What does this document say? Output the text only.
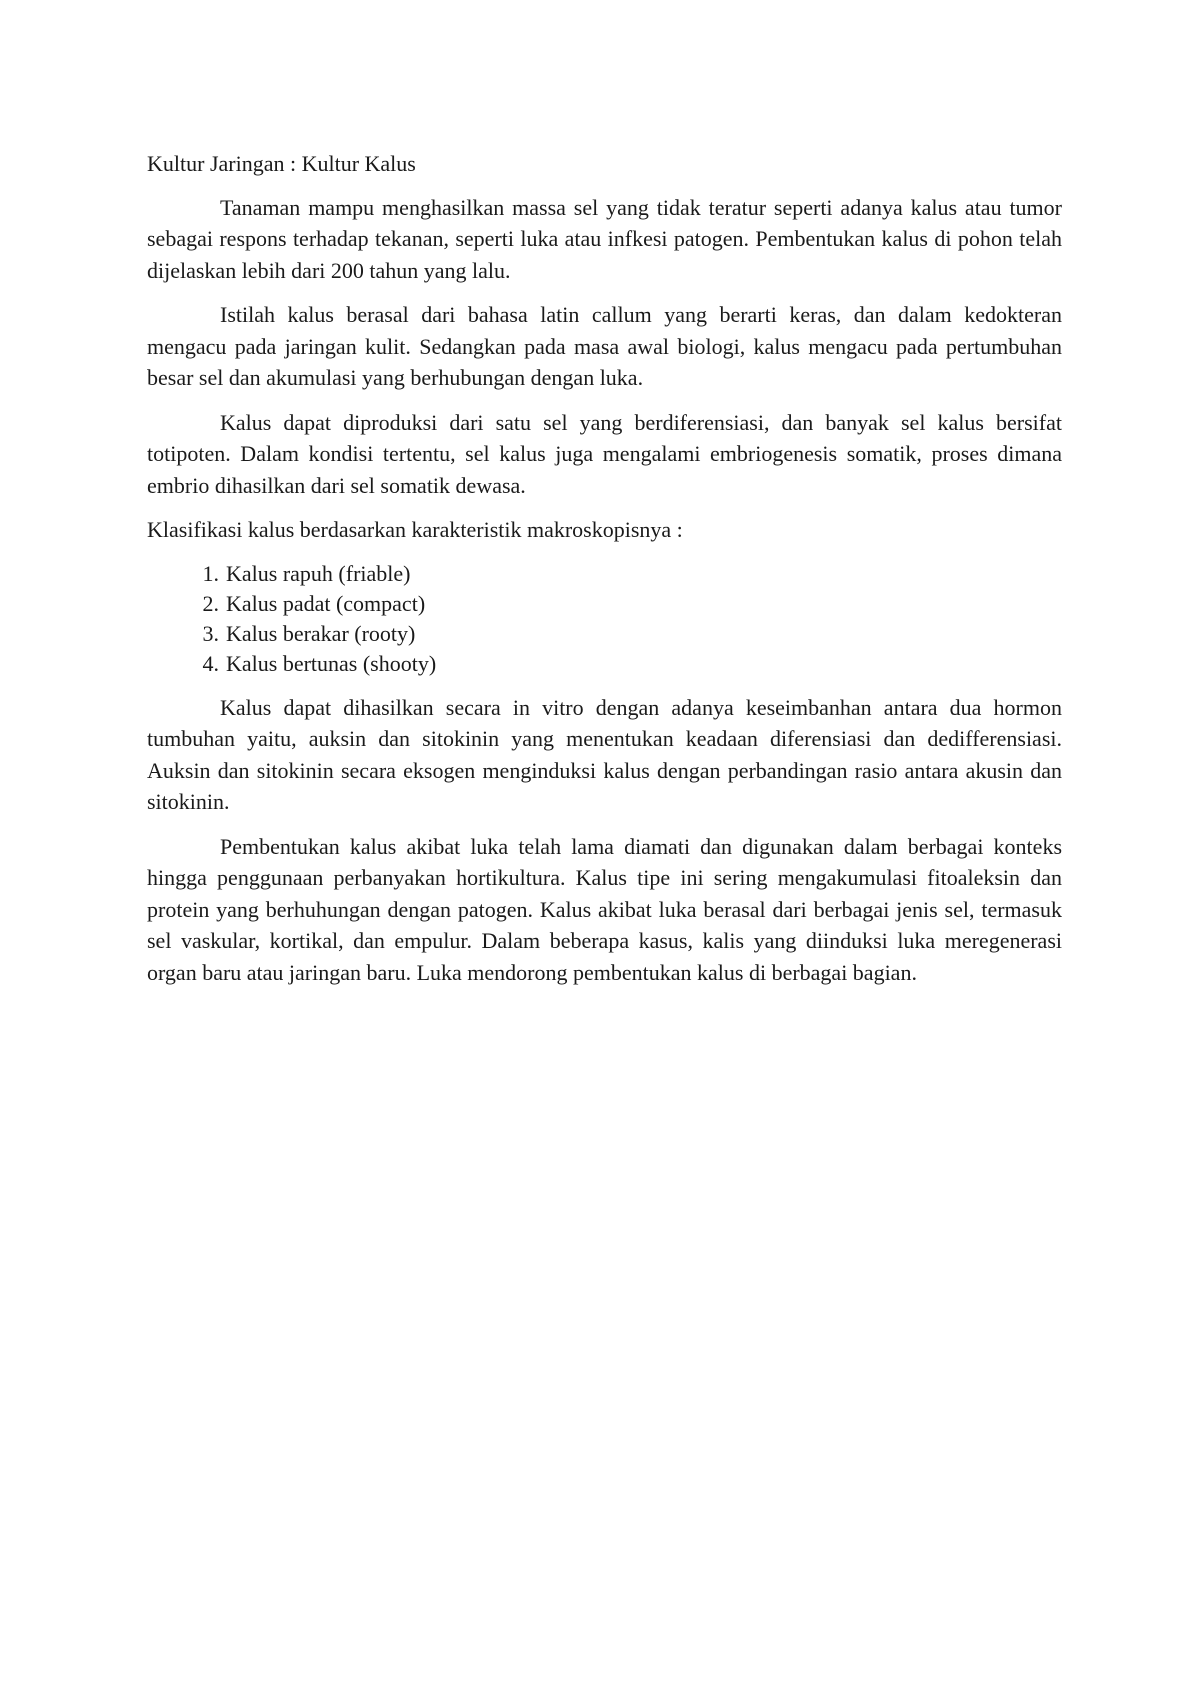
Kultur Jaringan : Kultur Kalus

Tanaman mampu menghasilkan massa sel yang tidak teratur seperti adanya kalus atau tumor sebagai respons terhadap tekanan, seperti luka atau infkesi patogen. Pembentukan kalus di pohon telah dijelaskan lebih dari 200 tahun yang lalu.

Istilah kalus berasal dari bahasa latin callum yang berarti keras, dan dalam kedokteran mengacu pada jaringan kulit. Sedangkan pada masa awal biologi, kalus mengacu pada pertumbuhan besar sel dan akumulasi yang berhubungan dengan luka.

Kalus dapat diproduksi dari satu sel yang berdiferensiasi, dan banyak sel kalus bersifat totipoten. Dalam kondisi tertentu, sel kalus juga mengalami embriogenesis somatik, proses dimana embrio dihasilkan dari sel somatik dewasa.

Klasifikasi kalus berdasarkan karakteristik makroskopisnya :

1. Kalus rapuh (friable)
2. Kalus padat (compact)
3. Kalus berakar (rooty)
4. Kalus bertunas (shooty)

Kalus dapat dihasilkan secara in vitro dengan adanya keseimbanhan antara dua hormon tumbuhan yaitu, auksin dan sitokinin yang menentukan keadaan diferensiasi dan dedifferensiasi. Auksin dan sitokinin secara eksogen menginduksi kalus dengan perbandingan rasio antara akusin dan sitokinin.

Pembentukan kalus akibat luka telah lama diamati dan digunakan dalam berbagai konteks hingga penggunaan perbanyakan hortikultura. Kalus tipe ini sering mengakumulasi fitoaleksin dan protein yang berhuhungan dengan patogen. Kalus akibat luka berasal dari berbagai jenis sel, termasuk sel vaskular, kortikal, dan empulur. Dalam beberapa kasus, kalis yang diinduksi luka meregenerasi organ baru atau jaringan baru. Luka mendorong pembentukan kalus di berbagai bagian.
